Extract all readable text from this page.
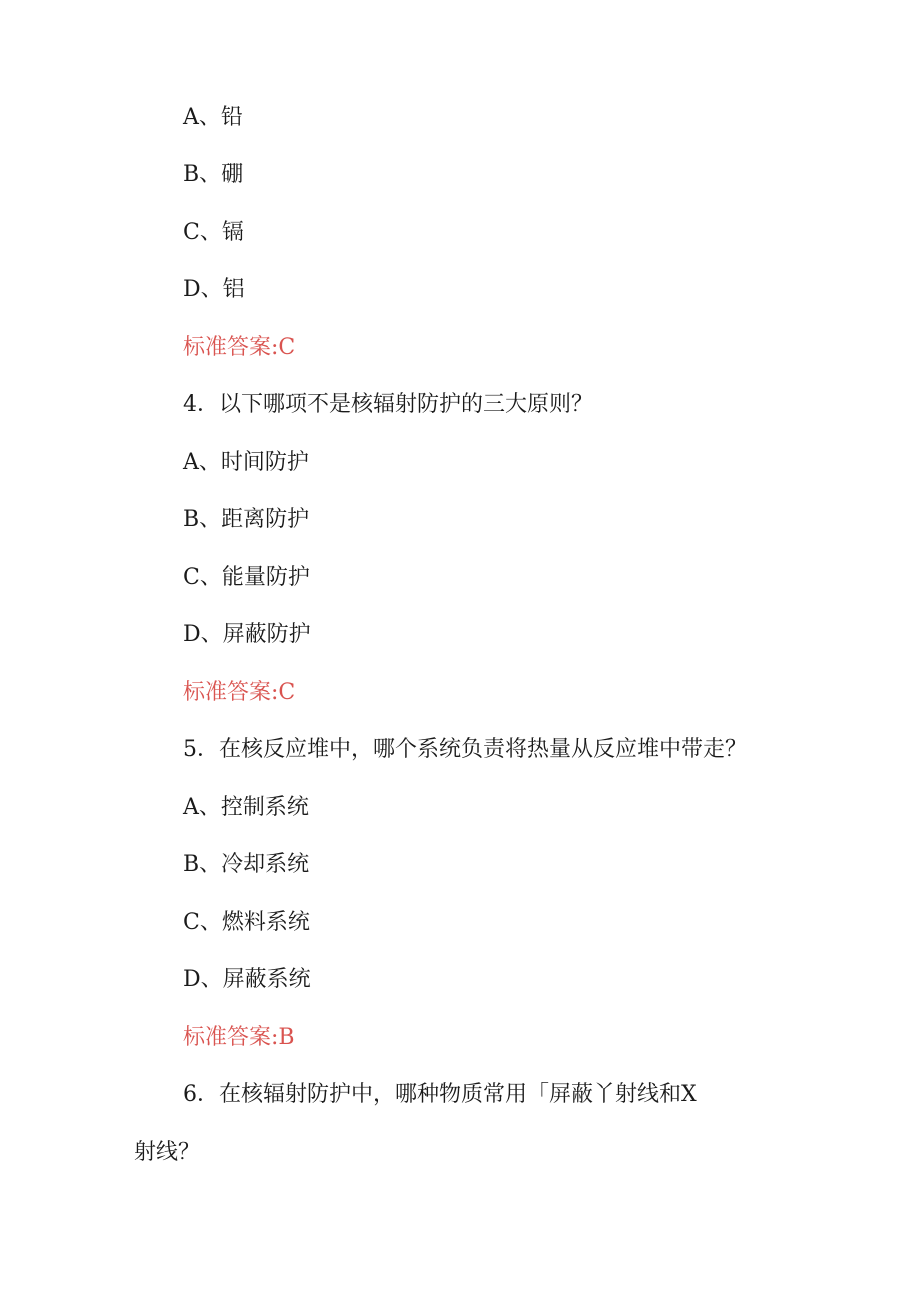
A、铅
B、硼
C、镉
D、铝
标准答案:C
4．以下哪项不是核辐射防护的三大原则？
A、时间防护
B、距离防护
C、能量防护
D、屏蔽防护
标准答案:C
5．在核反应堆中，哪个系统负责将热量从反应堆中带走？
A、控制系统
B、冷却系统
C、燃料系统
D、屏蔽系统
标准答案:B
6．在核辐射防护中，哪种物质常用「屏蔽丫射线和X
射线？
